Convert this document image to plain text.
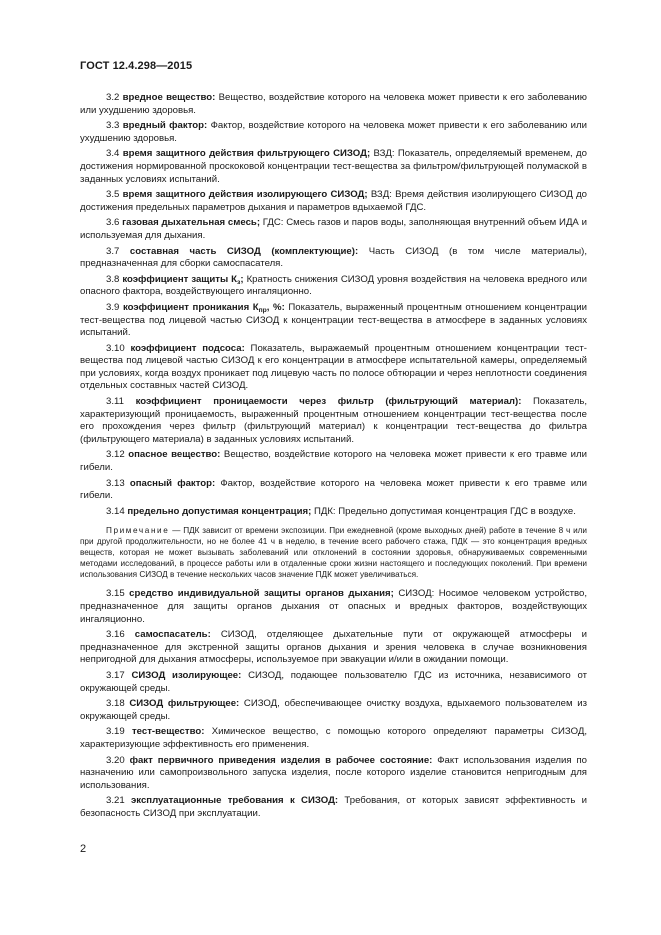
ГОСТ 12.4.298—2015

3.2 вредное вещество: Вещество, воздействие которого на человека может привести к его заболеванию или ухудшению здоровья.

3.3 вредный фактор: Фактор, воздействие которого на человека может привести к его заболеванию или ухудшению здоровья.

3.4 время защитного действия фильтрующего СИЗОД; ВЗД: Показатель, определяемый временем, до достижения нормированной проскоковой концентрации тест-вещества за фильтром/фильтрующей полумаской в заданных условиях испытаний.

3.5 время защитного действия изолирующего СИЗОД; ВЗД: Время действия изолирующего СИЗОД до достижения предельных параметров дыхания и параметров вдыхаемой ГДС.

3.6 газовая дыхательная смесь; ГДС: Смесь газов и паров воды, заполняющая внутренний объем ИДА и используемая для дыхания.

3.7 составная часть СИЗОД (комплектующие): Часть СИЗОД (в том числе материалы), предназначенная для сборки самоспасателя.

3.8 коэффициент защиты $К_з$; Кратность снижения СИЗОД уровня воздействия на человека вредного или опасного фактора, воздействующего ингаляционно.

3.9 коэффициент проникания $К_{пр}$, %: Показатель, выраженный процентным отношением концентрации тест-вещества под лицевой частью СИЗОД к концентрации тест-вещества в атмосфере в заданных условиях испытаний.

3.10 коэффициент подсоса: Показатель, выражаемый процентным отношением концентрации тест-вещества под лицевой частью СИЗОД к его концентрации в атмосфере испытательной камеры, определяемый при условиях, когда воздух проникает под лицевую часть по полосе обтюрации и через неплотности соединения отдельных составных частей СИЗОД.

3.11 коэффициент проницаемости через фильтр (фильтрующий материал): Показатель, характеризующий проницаемость, выраженный процентным отношением концентрации тест-вещества после его прохождения через фильтр (фильтрующий материал) к концентрации тест-вещества до фильтра (фильтрующего материала) в заданных условиях испытаний.

3.12 опасное вещество: Вещество, воздействие которого на человека может привести к его травме или гибели.

3.13 опасный фактор: Фактор, воздействие которого на человека может привести к его травме или гибели.

3.14 предельно допустимая концентрация; ПДК: Предельно допустимая концентрация ГДС в воздухе.

Примечание — ПДК зависит от времени экспозиции. При ежедневной (кроме выходных дней) работе в течение 8 ч или при другой продолжительности, но не более 41 ч в неделю, в течение всего рабочего стажа, ПДК — это концентрация вредных веществ, которая не может вызывать заболеваний или отклонений в состоянии здоровья, обнаруживаемых современными методами исследований, в процессе работы или в отдаленные сроки жизни настоящего и последующих поколений. При времени использования СИЗОД в течение нескольких часов значение ПДК может увеличиваться.

3.15 средство индивидуальной защиты органов дыхания; СИЗОД: Носимое человеком устройство, предназначенное для защиты органов дыхания от опасных и вредных факторов, воздействующих ингаляционно.

3.16 самоспасатель: СИЗОД, отделяющее дыхательные пути от окружающей атмосферы и предназначенное для экстренной защиты органов дыхания и зрения человека в случае возникновения непригодной для дыхания атмосферы, используемое при эвакуации и/или в ожидании помощи.

3.17 СИЗОД изолирующее: СИЗОД, подающее пользователю ГДС из источника, независимого от окружающей среды.

3.18 СИЗОД фильтрующее: СИЗОД, обеспечивающее очистку воздуха, вдыхаемого пользователем из окружающей среды.

3.19 тест-вещество: Химическое вещество, с помощью которого определяют параметры СИЗОД, характеризующие эффективность его применения.

3.20 факт первичного приведения изделия в рабочее состояние: Факт использования изделия по назначению или самопроизвольного запуска изделия, после которого изделие становится непригодным для использования.

3.21 эксплуатационные требования к СИЗОД: Требования, от которых зависят эффективность и безопасность СИЗОД при эксплуатации.

2
